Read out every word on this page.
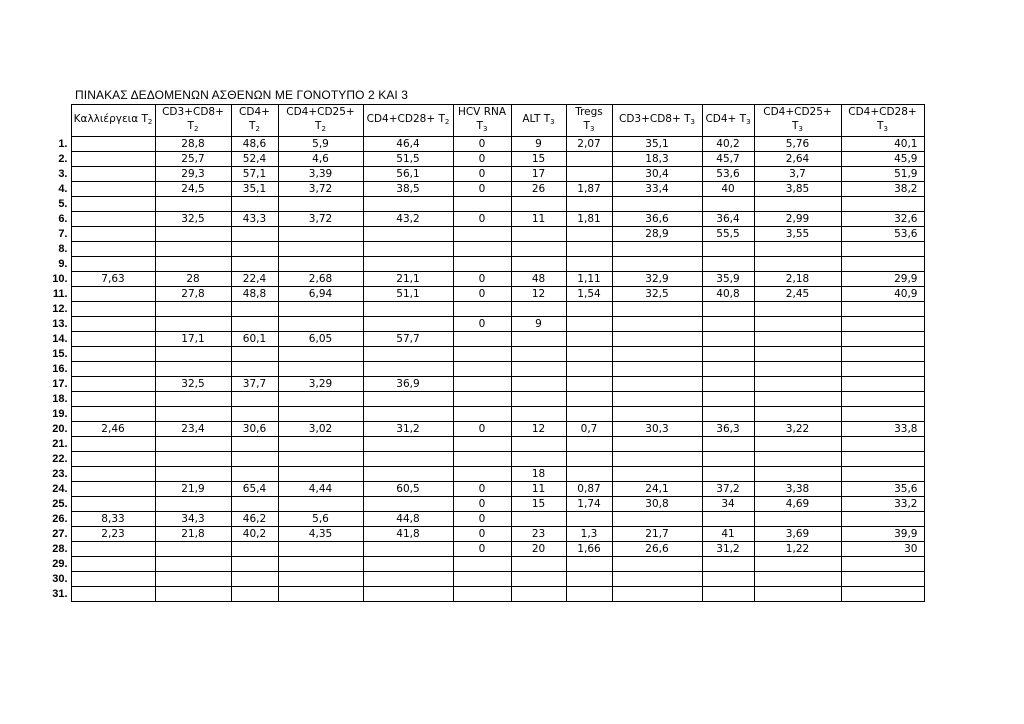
ΠΙΝΑΚΑΣ ΔΕΔΟΜΕΝΩΝ ΑΣΘΕΝΩΝ ΜΕ ΓΟΝΟΤΥΠΟ 2 ΚΑΙ 3
	Καλλιέργεια $T_2$	$CD3+CD8+ T_2$	$CD4+ T_2$	$CD4+CD25+ T_2$	$CD4+CD28+ T_2$	HCV RNA $T_3$	ALT $T_3$	Tregs $T_3$	$CD3+CD8+ T_3$	$CD4+ T_3$	$CD4+CD25+ T_3$	$CD4+CD28+ T_3$
1.		28,8	48,6	5,9	46,4	0	9	2,07	35,1	40,2	5,76	40,1
2.		25,7	52,4	4,6	51,5	0	15		18,3	45,7	2,64	45,9
3.		29,3	57,1	3,39	56,1	0	17		30,4	53,6	3,7	51,9
4.		24,5	35,1	3,72	38,5	0	26	1,87	33,4	40	3,85	38,2
5.												
6.		32,5	43,3	3,72	43,2	0	11	1,81	36,6	36,4	2,99	32,6
7.									28,9	55,5	3,55	53,6
8.												
9.												
10.	7,63	28	22,4	2,68	21,1	0	48	1,11	32,9	35,9	2,18	29,9
11.		27,8	48,8	6,94	51,1	0	12	1,54	32,5	40,8	2,45	40,9
12.												
13.						0	9					
14.		17,1	60,1	6,05	57,7							
15.												
16.												
17.		32,5	37,7	3,29	36,9							
18.												
19.												
20.	2,46	23,4	30,6	3,02	31,2	0	12	0,7	30,3	36,3	3,22	33,8
21.												
22.												
23.							18					
24.		21,9	65,4	4,44	60,5	0	11	0,87	24,1	37,2	3,38	35,6
25.						0	15	1,74	30,8	34	4,69	33,2
26.	8,33	34,3	46,2	5,6	44,8	0						
27.	2,23	21,8	40,2	4,35	41,8	0	23	1,3	21,7	41	3,69	39,9
28.						0	20	1,66	26,6	31,2	1,22	30
29.												
30.												
31.												
